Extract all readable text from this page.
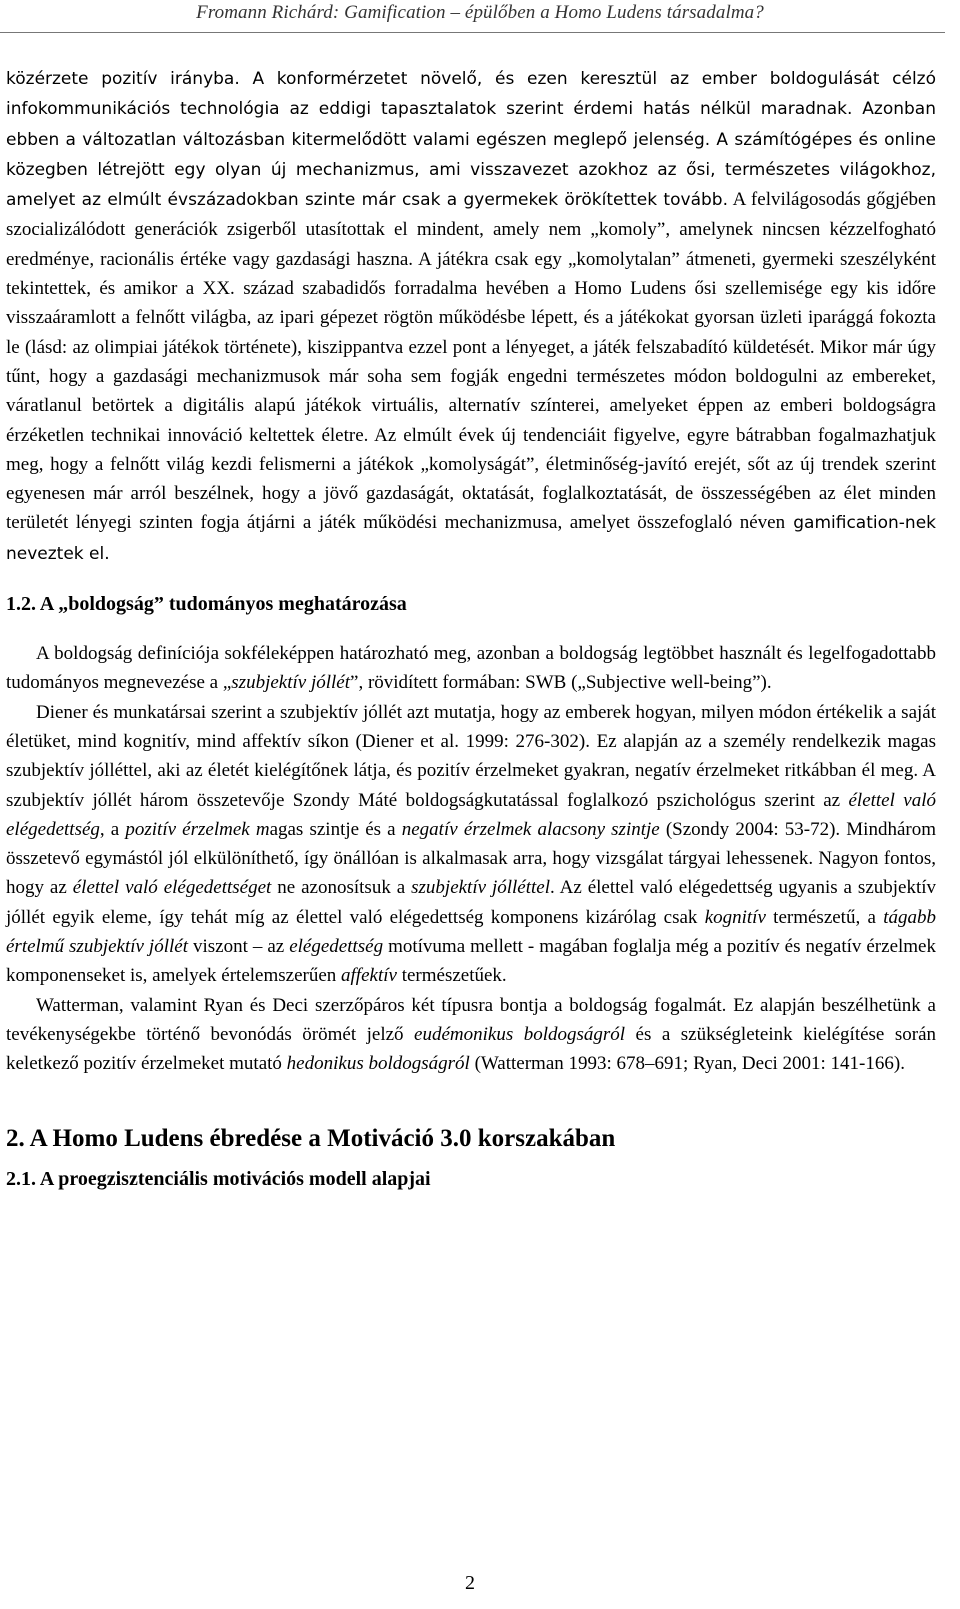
Fromann Richárd: Gamification – épülőben a Homo Ludens társadalma?

közérzete pozitív irányba. A konformérzetet növelő, és ezen keresztül az ember boldogulását célzó infokommunikációs technológia az eddigi tapasztalatok szerint érdemi hatás nélkül maradnak. Azonban ebben a változatlan változásban kitermelődött valami egészen meglepő jelenség. A számítógépes és online közegben létrejött egy olyan új mechanizmus, ami visszavezet azokhoz az ősi, természetes világokhoz, amelyet az elmúlt évszázadokban szinte már csak a gyermekek örökítettek tovább. A felvilágosodás gőgjében szocializálódott generációk zsigerből utasítottak el mindent, amely nem „komoly”, amelynek nincsen kézzelfogható eredménye, racionális értéke vagy gazdasági haszna. A játékra csak egy „komolytalan” átmeneti, gyermeki szeszélyként tekintettek, és amikor a XX. század szabadidős forradalma hevében a Homo Ludens ősi szellemisége egy kis időre visszaáramlott a felnőtt világba, az ipari gépezet rögtön működésbe lépett, és a játékokat gyorsan üzleti iparággá fokozta le (lásd: az olimpiai játékok története), kiszippantva ezzel pont a lényeget, a játék felszabadító küldetését. Mikor már úgy tűnt, hogy a gazdasági mechanizmusok már soha sem fogják engedni természetes módon boldogulni az embereket, váratlanul betörtek a digitális alapú játékok virtuális, alternatív színterei, amelyeket éppen az emberi boldogságra érzéketlen technikai innováció keltettek életre. Az elmúlt évek új tendenciáit figyelve, egyre bátrabban fogalmazhatjuk meg, hogy a felnőtt világ kezdi felismerni a játékok „komolyságát”, életminőség-javító erejét, sőt az új trendek szerint egyenesen már arról beszélnek, hogy a jövő gazdaságát, oktatását, foglalkoztatását, de összességében az élet minden területét lényegi szinten fogja átjárni a játék működési mechanizmusa, amelyet összefoglaló néven gamification-nek neveztek el.

1.2. A „boldogság” tudományos meghatározása

A boldogság definíciója sokféleképpen határozható meg, azonban a boldogság legtöbbet használt és legelfogadottabb tudományos megnevezése a „szubjektív jóllét”, rövidített formában: SWB („Subjective well-being”).

Diener és munkatársai szerint a szubjektív jóllét azt mutatja, hogy az emberek hogyan, milyen módon értékelik a saját életüket, mind kognitív, mind affektív síkon (Diener et al. 1999: 276-302). Ez alapján az a személy rendelkezik magas szubjektív jólléttel, aki az életét kielégítőnek látja, és pozitív érzelmeket gyakran, negatív érzelmeket ritkábban él meg. A szubjektív jóllét három összetevője Szondy Máté boldogságkutatással foglalkozó pszichológus szerint az élettel való elégedettség, a pozitív érzelmek magas szintje és a negatív érzelmek alacsony szintje (Szondy 2004: 53-72). Mindhárom összetevő egymástól jól elkülöníthető, így önállóan is alkalmasak arra, hogy vizsgálat tárgyai lehessenek. Nagyon fontos, hogy az élettel való elégedettséget ne azonosítsuk a szubjektív jólléttel. Az élettel való elégedettség ugyanis a szubjektív jóllét egyik eleme, így tehát míg az élettel való elégedettség komponens kizárólag csak kognitív természetű, a tágabb értelmű szubjektív jóllét viszont – az elégedettség motívuma mellett - magában foglalja még a pozitív és negatív érzelmek komponenseket is, amelyek értelemszerűen affektív természetűek.

Watterman, valamint Ryan és Deci szerzőpáros két típusra bontja a boldogság fogalmát. Ez alapján beszélhetünk a tevékenységekbe történő bevonódás örömét jelző eudémonikus boldogságról és a szükségleteink kielégítése során keletkező pozitív érzelmeket mutató hedonikus boldogságról (Watterman 1993: 678–691; Ryan, Deci 2001: 141-166).

2. A Homo Ludens ébredése a Motiváció 3.0 korszakában
2.1. A proegzisztenciális motivációs modell alapjai
2
